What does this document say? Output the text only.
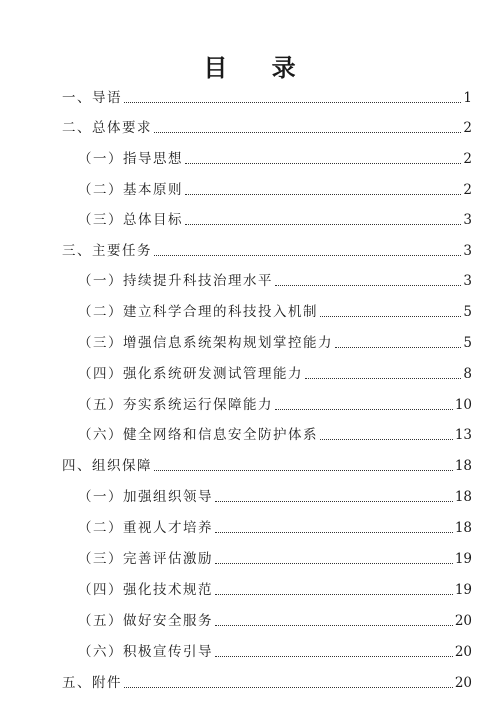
目 录
一、导语	1
二、总体要求	2
（一）指导思想	2
（二）基本原则	2
（三）总体目标	3
三、主要任务	3
（一）持续提升科技治理水平	3
（二）建立科学合理的科技投入机制	5
（三）增强信息系统架构规划掌控能力	5
（四）强化系统研发测试管理能力	8
（五）夯实系统运行保障能力	10
（六）健全网络和信息安全防护体系	13
四、组织保障	18
（一）加强组织领导	18
（二）重视人才培养	18
（三）完善评估激励	19
（四）强化技术规范	19
（五）做好安全服务	20
（六）积极宣传引导	20
五、附件	20
